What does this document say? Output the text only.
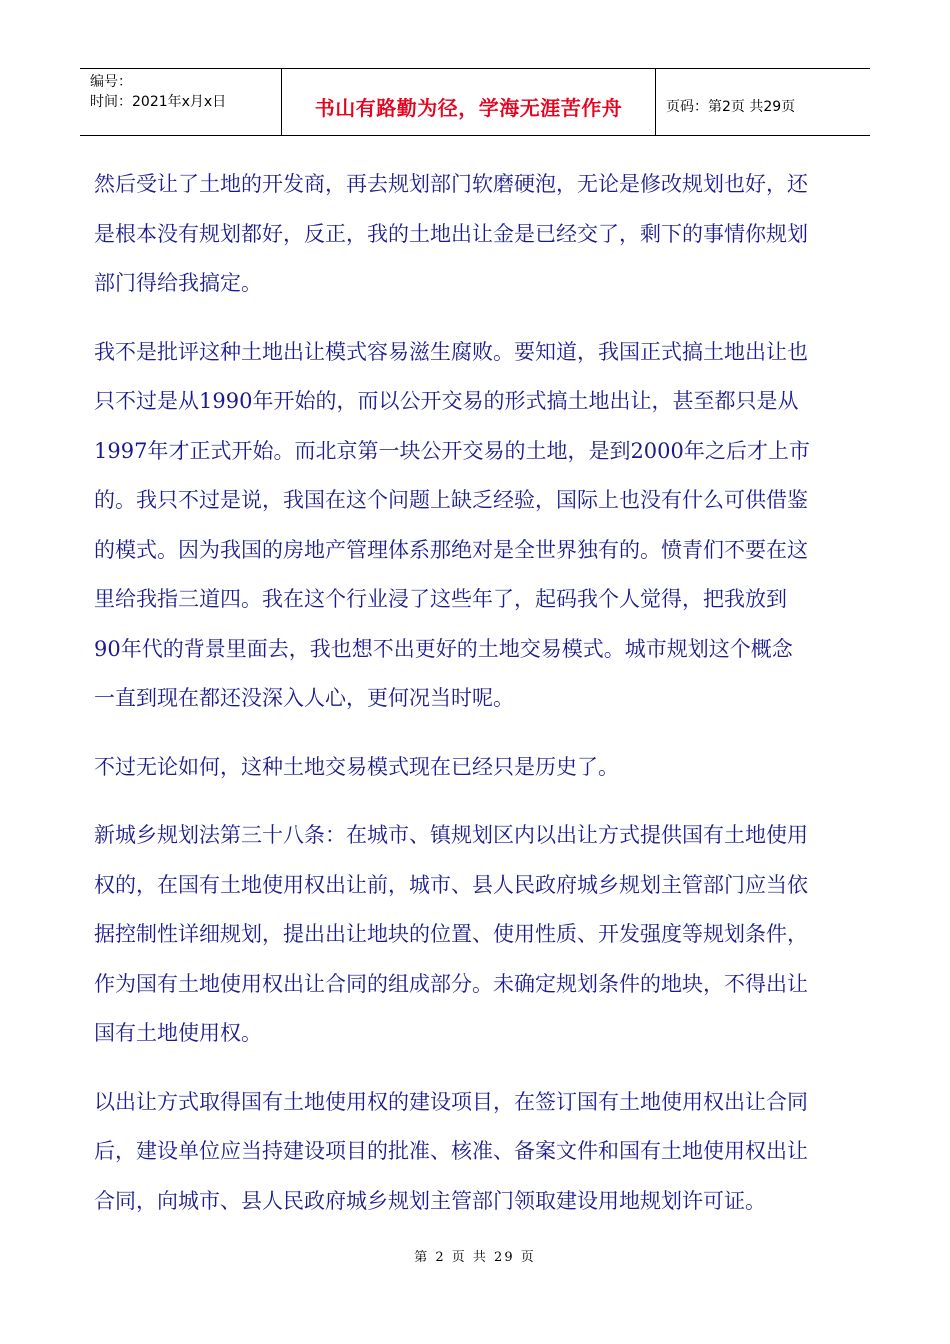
编号：
时间：2021年x月x日	书山有路勤为径，学海无涯苦作舟	页码：第2页 共29页

然后受让了土地的开发商，再去规划部门软磨硬泡，无论是修改规划也好，还
是根本没有规划都好，反正，我的土地出让金是已经交了，剩下的事情你规划
部门得给我搞定。

我不是批评这种土地出让模式容易滋生腐败。要知道，我国正式搞土地出让也
只不过是从1990年开始的，而以公开交易的形式搞土地出让，甚至都只是从
1997年才正式开始。而北京第一块公开交易的土地，是到2000年之后才上市
的。我只不过是说，我国在这个问题上缺乏经验，国际上也没有什么可供借鉴
的模式。因为我国的房地产管理体系那绝对是全世界独有的。愤青们不要在这
里给我指三道四。我在这个行业浸了这些年了，起码我个人觉得，把我放到
90年代的背景里面去，我也想不出更好的土地交易模式。城市规划这个概念
一直到现在都还没深入人心，更何况当时呢。

不过无论如何，这种土地交易模式现在已经只是历史了。

新城乡规划法第三十八条：在城市、镇规划区内以出让方式提供国有土地使用
权的，在国有土地使用权出让前，城市、县人民政府城乡规划主管部门应当依
据控制性详细规划，提出出让地块的位置、使用性质、开发强度等规划条件，
作为国有土地使用权出让合同的组成部分。未确定规划条件的地块，不得出让
国有土地使用权。

以出让方式取得国有土地使用权的建设项目，在签订国有土地使用权出让合同
后，建设单位应当持建设项目的批准、核准、备案文件和国有土地使用权出让
合同，向城市、县人民政府城乡规划主管部门领取建设用地规划许可证。

第 2 页 共 29 页
